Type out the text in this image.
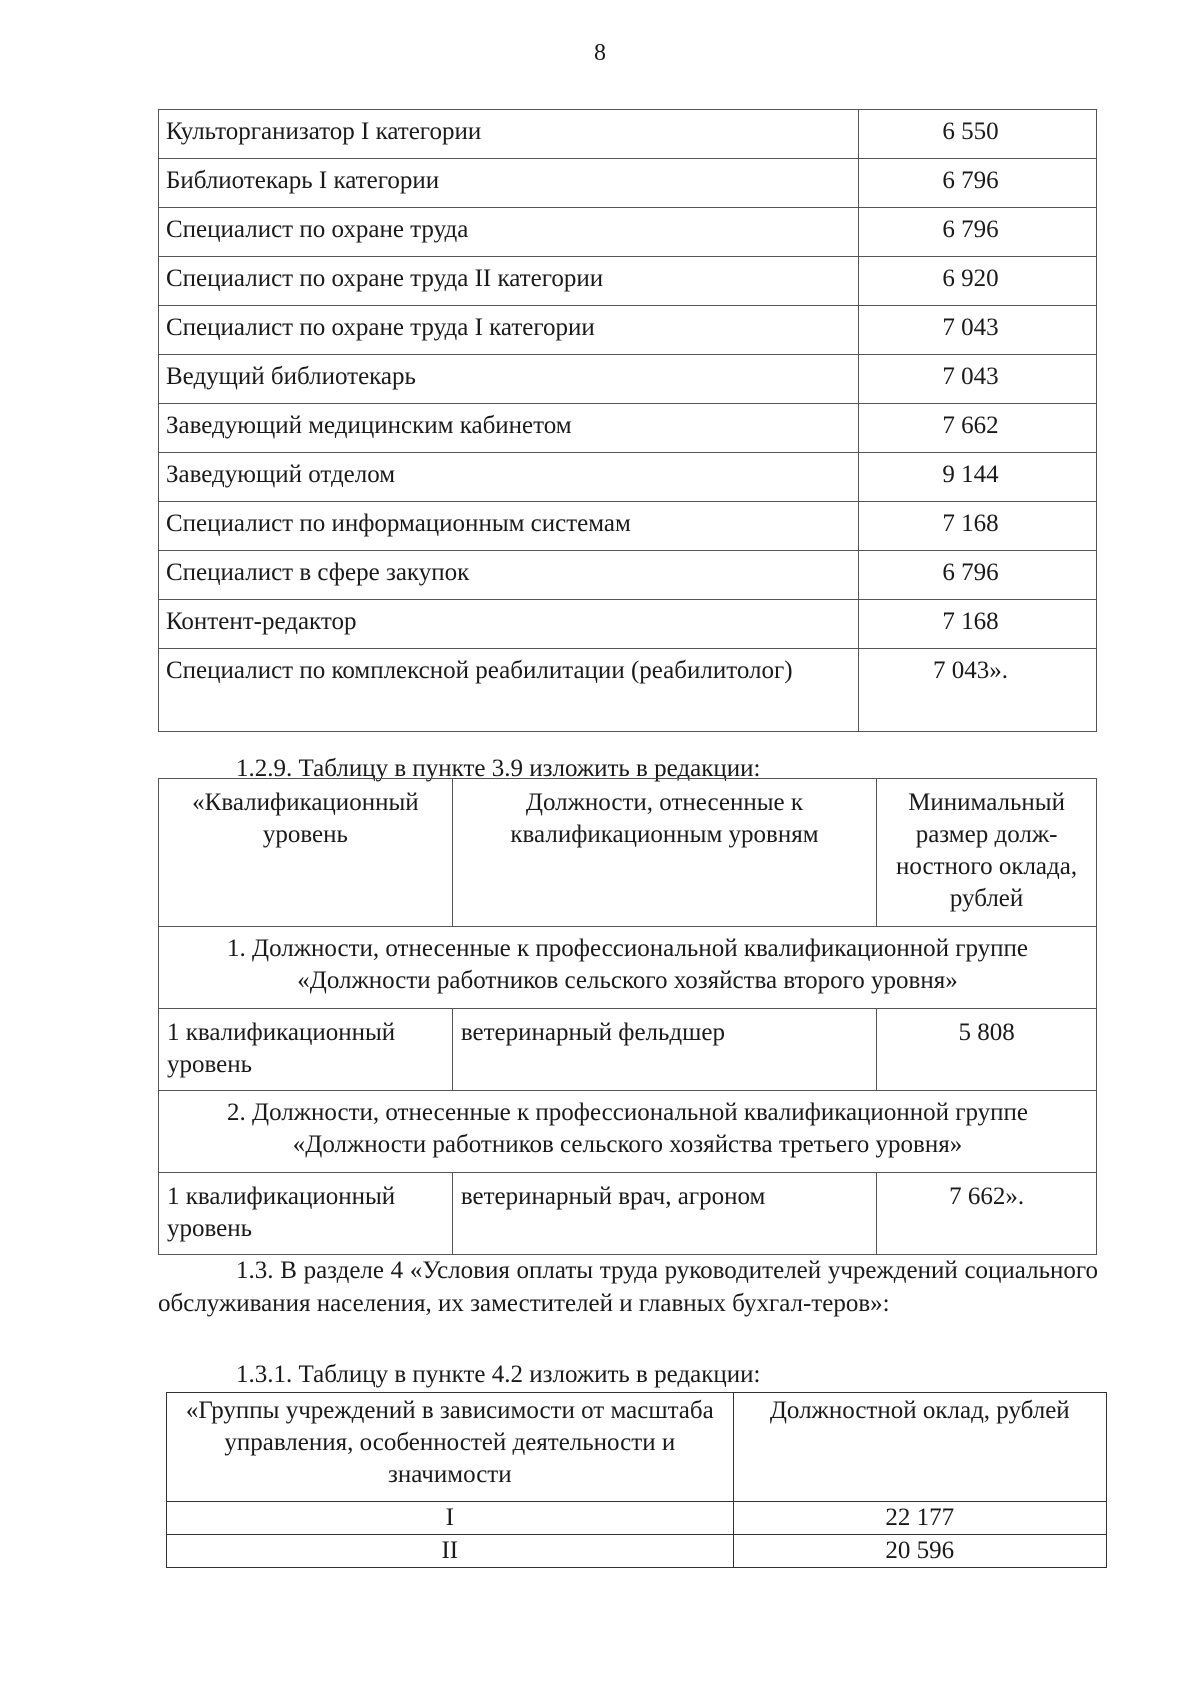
8
Культорганизатор I категории	6 550
Библиотекарь I категории	6 796
Специалист по охране труда	6 796
Специалист по охране труда II категории	6 920
Специалист по охране труда I категории	7 043
Ведущий библиотекарь	7 043
Заведующий медицинским кабинетом	7 662
Заведующий отделом	9 144
Специалист по информационным системам	7 168
Специалист в сфере закупок	6 796
Контент-редактор	7 168
Специалист по комплексной реабилитации (реабилитолог)	7 043».
1.2.9. Таблицу в пункте 3.9 изложить в редакции:
«Квалификационный уровень	Должности, отнесенные к квалификационным уровням	Минимальный размер долж-ностного оклада, рублей
1. Должности, отнесенные к профессиональной квалификационной группе «Должности работников сельского хозяйства второго уровня»		
1 квалификационный уровень	ветеринарный фельдшер	5 808
2. Должности, отнесенные к профессиональной квалификационной группе «Должности работников сельского хозяйства третьего уровня»		
1 квалификационный уровень	ветеринарный врач, агроном	7 662».
1.3. В разделе 4 «Условия оплаты труда руководителей учреждений социального обслуживания населения, их заместителей и главных бухгал-теров»:
1.3.1. Таблицу в пункте 4.2 изложить в редакции:
«Группы учреждений в зависимости от масштаба управления, особенностей деятельности и значимости	Должностной оклад, рублей
I	22 177
II	20 596
